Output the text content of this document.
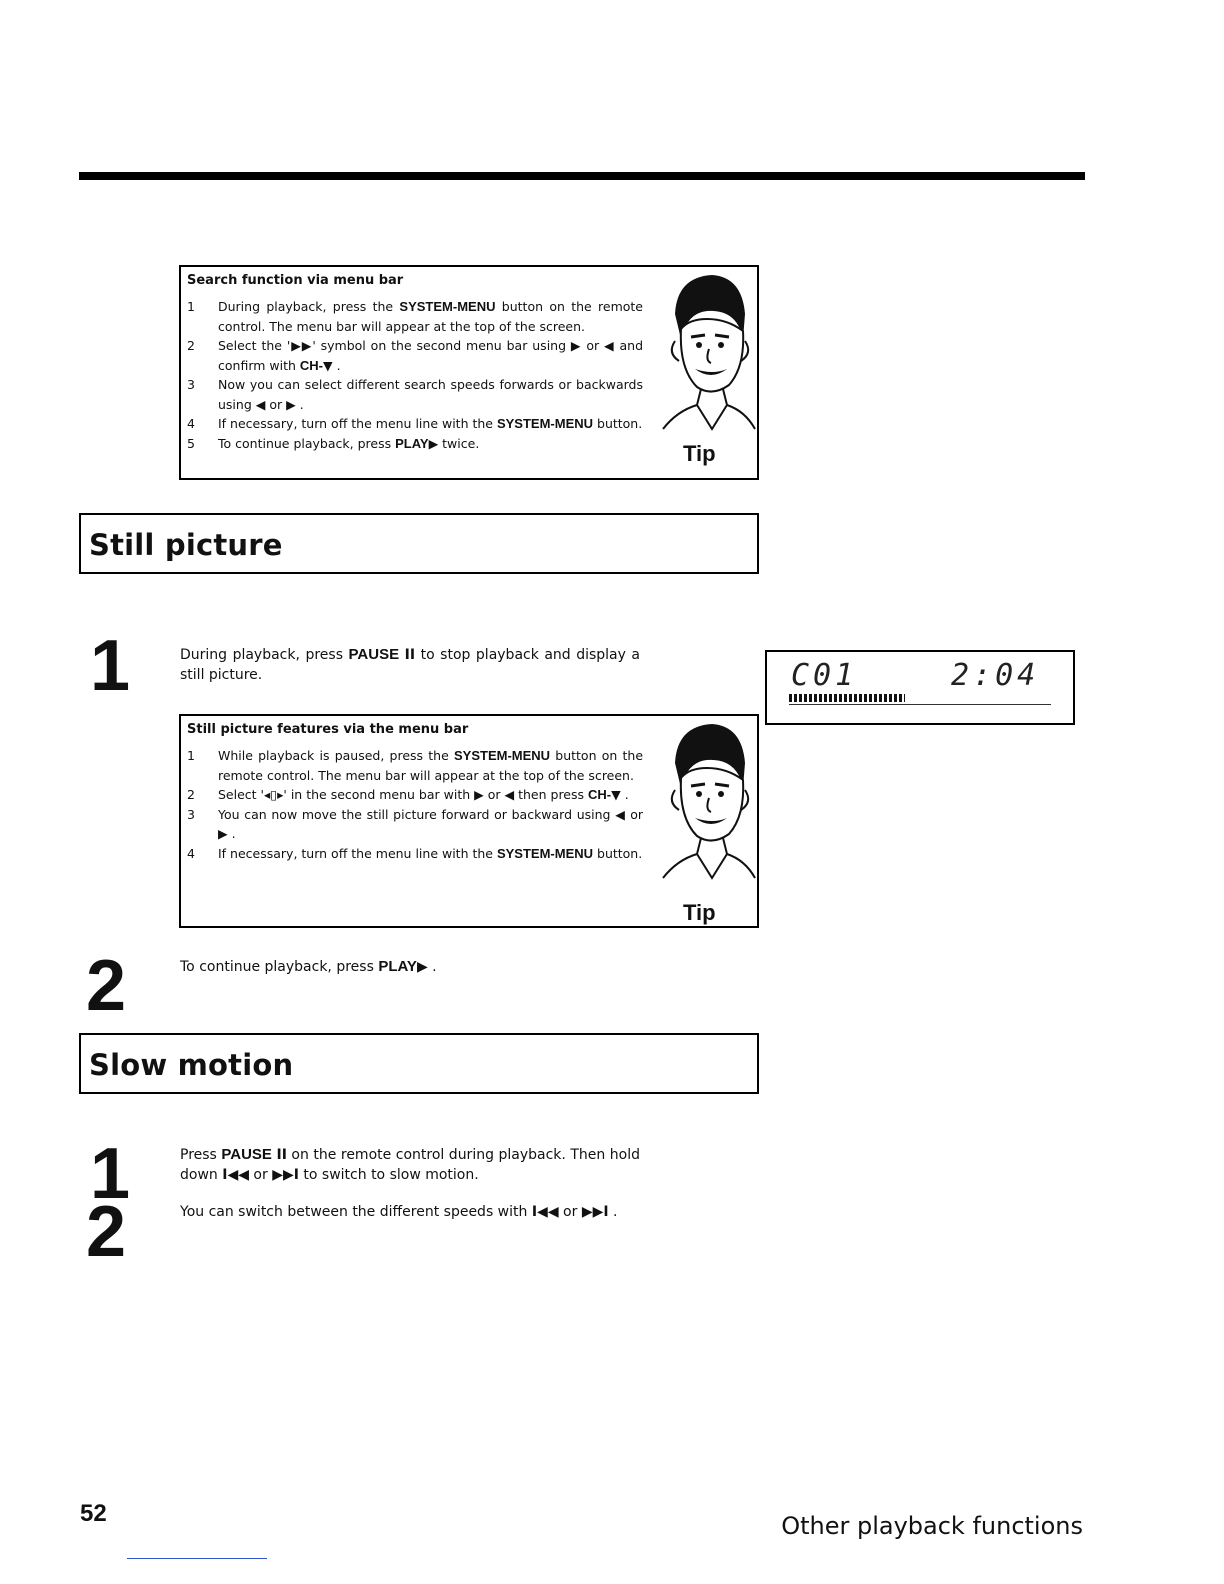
Search function via menu bar
1 During playback, press the SYSTEM-MENU button on the remote control. The menu bar will appear at the top of the screen.
2 Select the '▶▶' symbol on the second menu bar using ▶ or ◀ and confirm with CH-▼ .
3 Now you can select different search speeds forwards or backwards using ◀ or ▶ .
4 If necessary, turn off the menu line with the SYSTEM-MENU button.
5 To continue playback, press PLAY▶ twice.	Tip
Still picture
1	During playback, press PAUSE II to stop playback and display a still picture.	C01	2:04
Still picture features via the menu bar
1 While playback is paused, press the SYSTEM-MENU button on the remote control. The menu bar will appear at the top of the screen.
2 Select '◂▯▸' in the second menu bar with ▶ or ◀ then press CH-▼ .
3 You can now move the still picture forward or backward using ◀ or ▶ .
4 If necessary, turn off the menu line with the SYSTEM-MENU button.
Tip
2	To continue playback, press PLAY▶ .
Slow motion
1	Press PAUSE II on the remote control during playback. Then hold down I◀◀ or ▶▶I to switch to slow motion.
2	You can switch between the different speeds with I◀◀ or ▶▶I .
52	Other playback functions
